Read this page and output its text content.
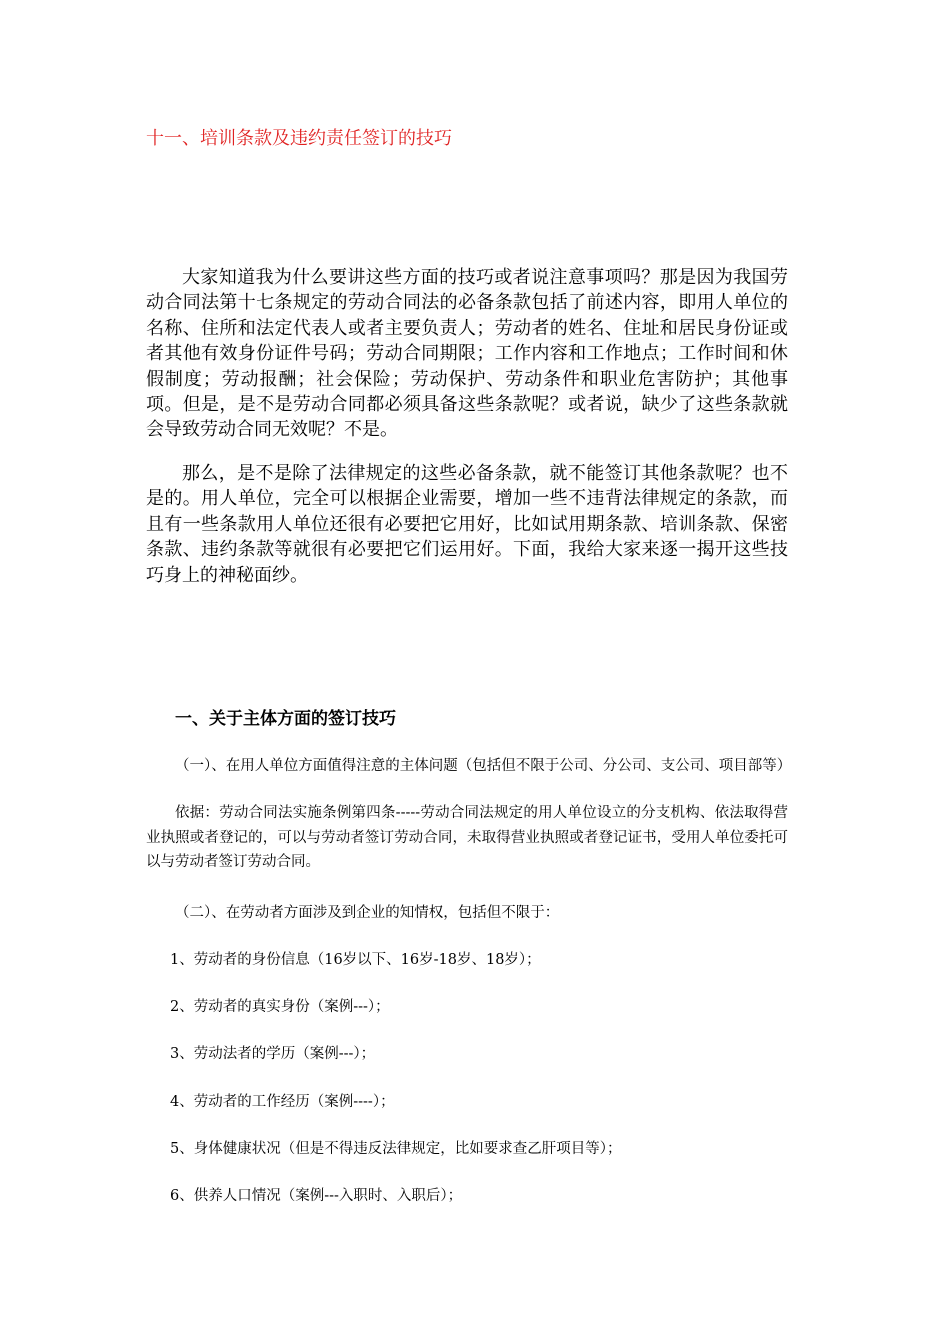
十一、培训条款及违约责任签订的技巧

大家知道我为什么要讲这些方面的技巧或者说注意事项吗？那是因为我国劳动合同法第十七条规定的劳动合同法的必备条款包括了前述内容，即用人单位的名称、住所和法定代表人或者主要负责人；劳动者的姓名、住址和居民身份证或者其他有效身份证件号码；劳动合同期限；工作内容和工作地点；工作时间和休假制度；劳动报酬；社会保险；劳动保护、劳动条件和职业危害防护；其他事项。但是，是不是劳动合同都必须具备这些条款呢？或者说，缺少了这些条款就会导致劳动合同无效呢？不是。

那么，是不是除了法律规定的这些必备条款，就不能签订其他条款呢？也不是的。用人单位，完全可以根据企业需要，增加一些不违背法律规定的条款，而且有一些条款用人单位还很有必要把它用好，比如试用期条款、培训条款、保密条款、违约条款等就很有必要把它们运用好。下面，我给大家来逐一揭开这些技巧身上的神秘面纱。

一、关于主体方面的签订技巧

（一）、在用人单位方面值得注意的主体问题（包括但不限于公司、分公司、支公司、项目部等）

依据：劳动合同法实施条例第四条-----劳动合同法规定的用人单位设立的分支机构、依法取得营业执照或者登记的，可以与劳动者签订劳动合同，未取得营业执照或者登记证书，受用人单位委托可以与劳动者签订劳动合同。

（二）、在劳动者方面涉及到企业的知情权，包括但不限于：

1、劳动者的身份信息（16岁以下、16岁-18岁、18岁）；
2、劳动者的真实身份（案例---）；
3、劳动法者的学历（案例---）；
4、劳动者的工作经历（案例----）；
5、身体健康状况（但是不得违反法律规定，比如要求查乙肝项目等）；
6、供养人口情况（案例---入职时、入职后）；
